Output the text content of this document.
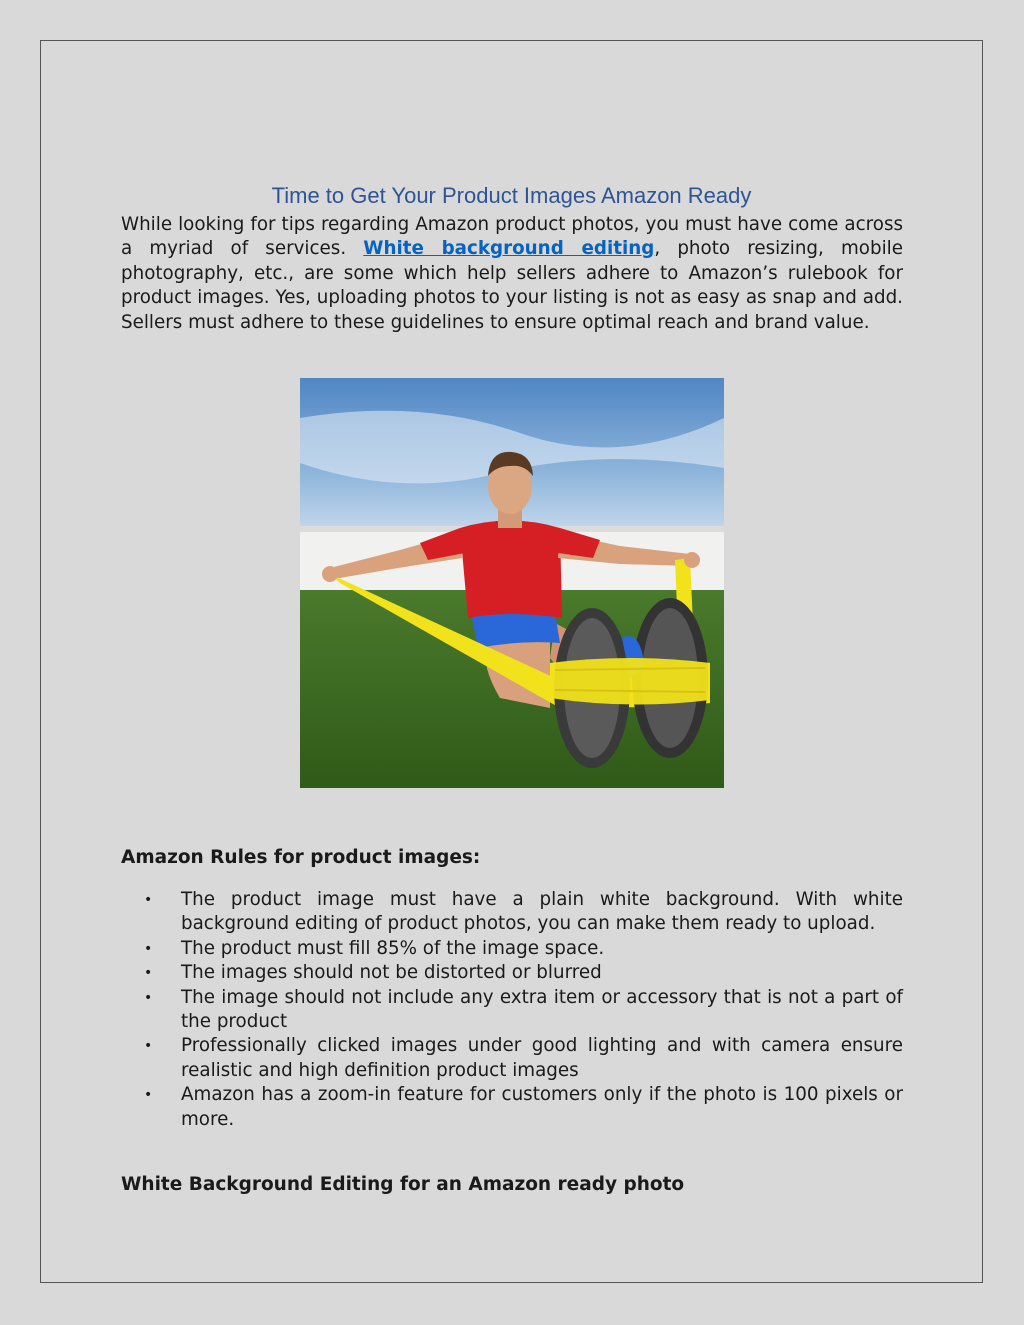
Time to Get Your Product Images Amazon Ready

While looking for tips regarding Amazon product photos, you must have come across a myriad of services. White background editing, photo resizing, mobile photography, etc., are some which help sellers adhere to Amazon’s rulebook for product images. Yes, uploading photos to your listing is not as easy as snap and add. Sellers must adhere to these guidelines to ensure optimal reach and brand value.

Amazon Rules for product images:
• The product image must have a plain white background. With white background editing of product photos, you can make them ready to upload.
• The product must fill 85% of the image space.
• The images should not be distorted or blurred
• The image should not include any extra item or accessory that is not a part of the product
• Professionally clicked images under good lighting and with camera ensure realistic and high definition product images
• Amazon has a zoom-in feature for customers only if the photo is 100 pixels or more.
White Background Editing for an Amazon ready photo
